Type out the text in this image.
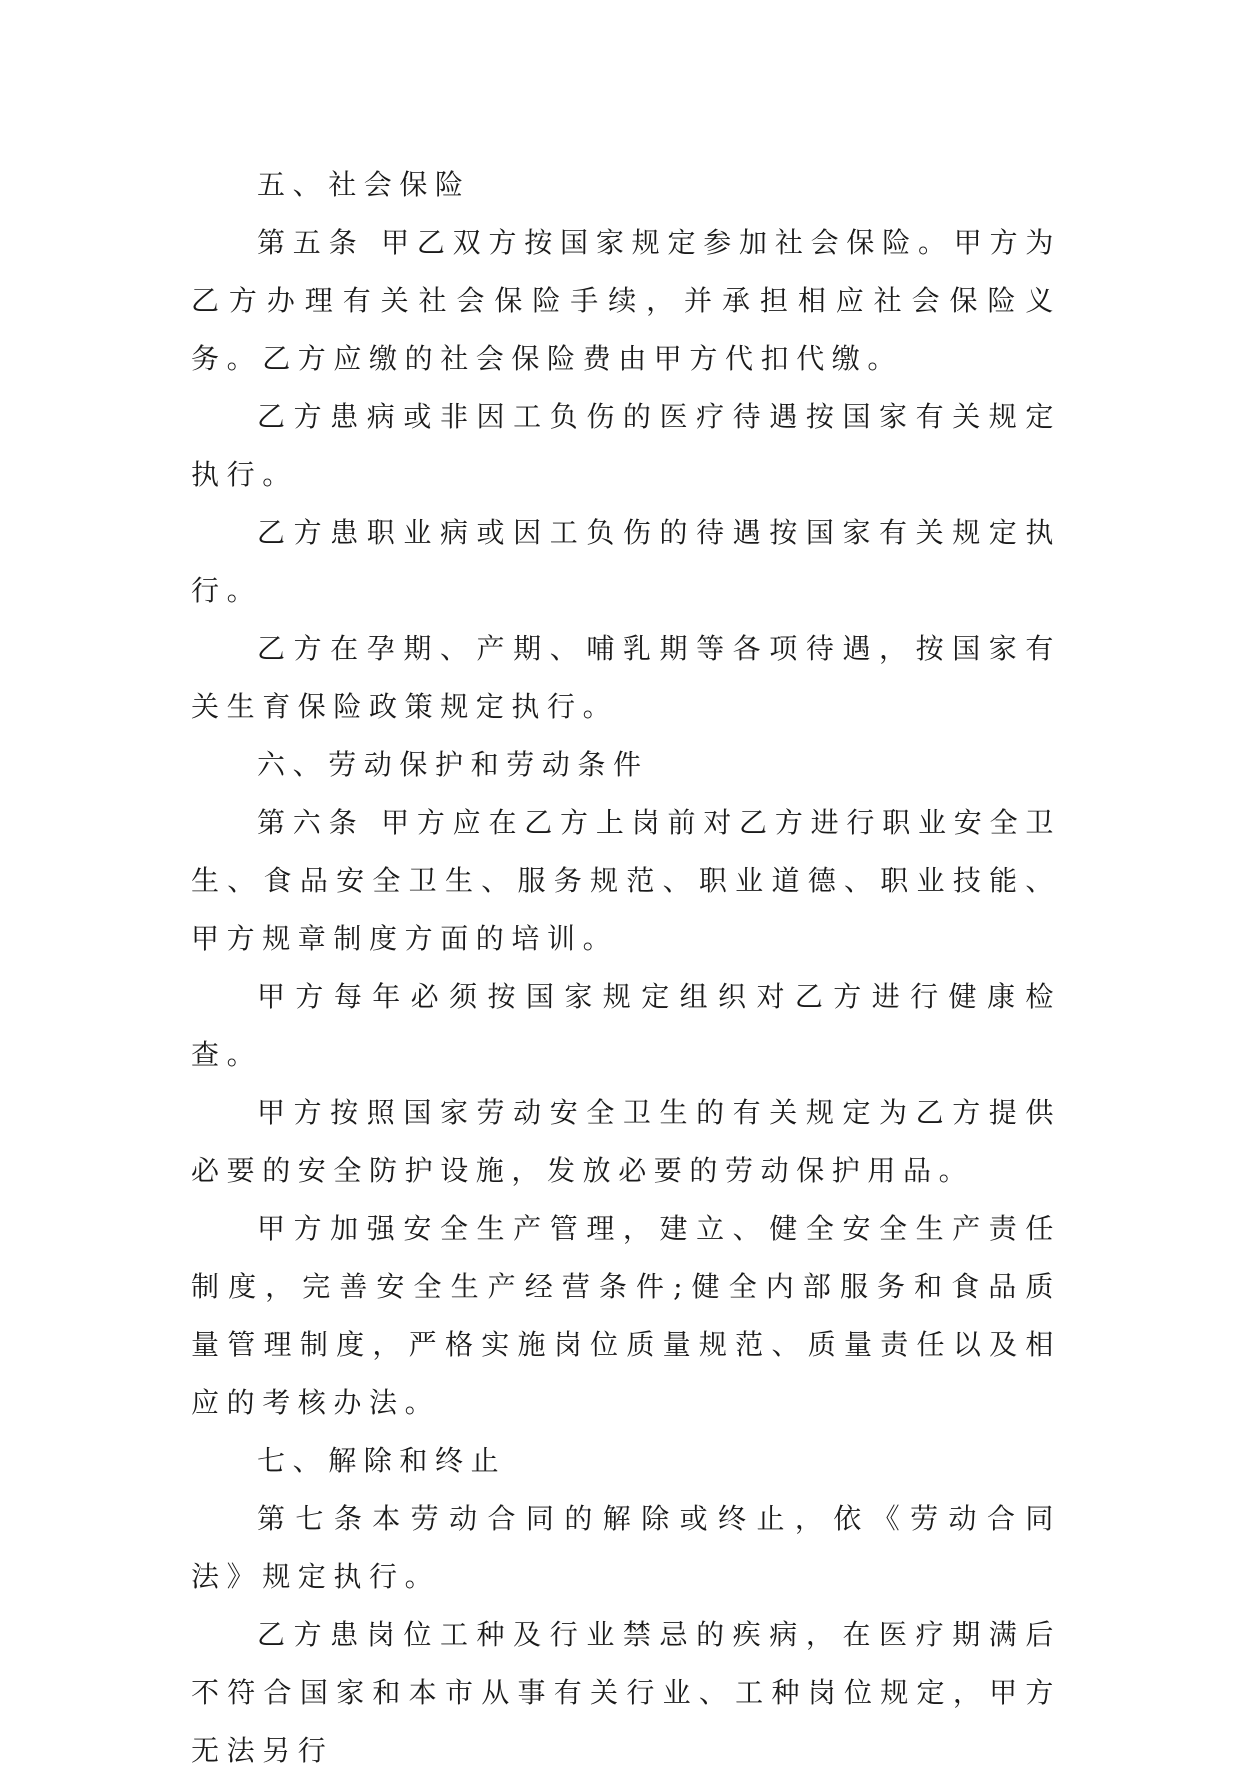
五、社会保险

第五条 甲乙双方按国家规定参加社会保险。甲方为乙方办理有关社会保险手续，并承担相应社会保险义务。乙方应缴的社会保险费由甲方代扣代缴。

乙方患病或非因工负伤的医疗待遇按国家有关规定执行。

乙方患职业病或因工负伤的待遇按国家有关规定执行。

乙方在孕期、产期、哺乳期等各项待遇，按国家有关生育保险政策规定执行。

六、劳动保护和劳动条件

第六条 甲方应在乙方上岗前对乙方进行职业安全卫生、食品安全卫生、服务规范、职业道德、职业技能、甲方规章制度方面的培训。

甲方每年必须按国家规定组织对乙方进行健康检查。

甲方按照国家劳动安全卫生的有关规定为乙方提供必要的安全防护设施，发放必要的劳动保护用品。

甲方加强安全生产管理，建立、健全安全生产责任制度，完善安全生产经营条件;健全内部服务和食品质量管理制度，严格实施岗位质量规范、质量责任以及相应的考核办法。

七、解除和终止

第七条本劳动合同的解除或终止，依《劳动合同法》规定执行。

乙方患岗位工种及行业禁忌的疾病，在医疗期满后不符合国家和本市从事有关行业、工种岗位规定，甲方无法另行
